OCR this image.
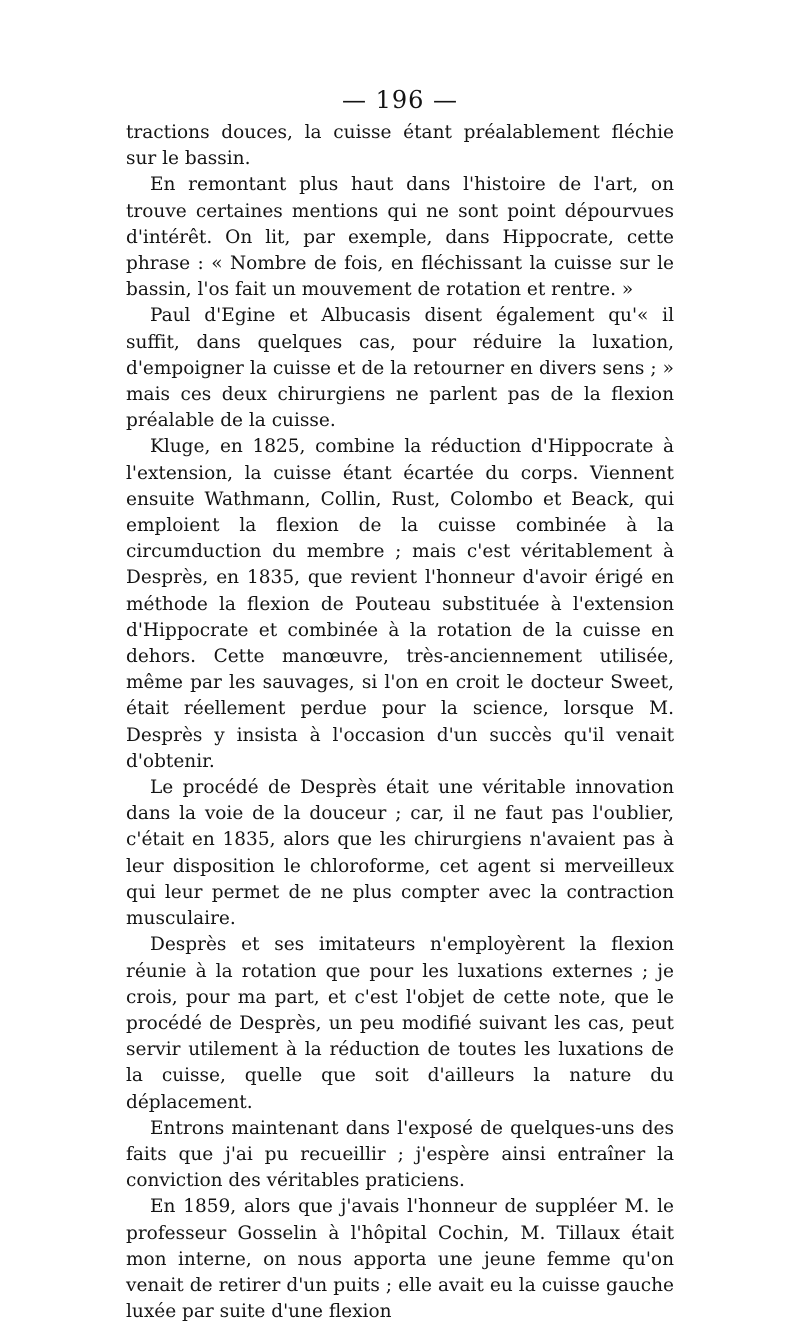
— 196 —

tractions douces, la cuisse étant préalablement fléchie sur le bassin.

En remontant plus haut dans l'histoire de l'art, on trouve certaines mentions qui ne sont point dépourvues d'intérêt. On lit, par exemple, dans Hippocrate, cette phrase : « Nombre de fois, en fléchissant la cuisse sur le bassin, l'os fait un mouvement de rotation et rentre. »

Paul d'Egine et Albucasis disent également qu'« il suffit, dans quelques cas, pour réduire la luxation, d'empoigner la cuisse et de la retourner en divers sens ; » mais ces deux chirurgiens ne parlent pas de la flexion préalable de la cuisse.

Kluge, en 1825, combine la réduction d'Hippocrate à l'extension, la cuisse étant écartée du corps. Viennent ensuite Wathmann, Collin, Rust, Colombo et Beack, qui emploient la flexion de la cuisse combinée à la circumduction du membre ; mais c'est véritablement à Desprès, en 1835, que revient l'honneur d'avoir érigé en méthode la flexion de Pouteau substituée à l'extension d'Hippocrate et combinée à la rotation de la cuisse en dehors. Cette manœuvre, très-anciennement utilisée, même par les sauvages, si l'on en croit le docteur Sweet, était réellement perdue pour la science, lorsque M. Desprès y insista à l'occasion d'un succès qu'il venait d'obtenir.

Le procédé de Desprès était une véritable innovation dans la voie de la douceur ; car, il ne faut pas l'oublier, c'était en 1835, alors que les chirurgiens n'avaient pas à leur disposition le chloroforme, cet agent si merveilleux qui leur permet de ne plus compter avec la contraction musculaire.

Desprès et ses imitateurs n'employèrent la flexion réunie à la rotation que pour les luxations externes ; je crois, pour ma part, et c'est l'objet de cette note, que le procédé de Desprès, un peu modifié suivant les cas, peut servir utilement à la réduction de toutes les luxations de la cuisse, quelle que soit d'ailleurs la nature du déplacement.

Entrons maintenant dans l'exposé de quelques-uns des faits que j'ai pu recueillir ; j'espère ainsi entraîner la conviction des véritables praticiens.

En 1859, alors que j'avais l'honneur de suppléer M. le professeur Gosselin à l'hôpital Cochin, M. Tillaux était mon interne, on nous apporta une jeune femme qu'on venait de retirer d'un puits ; elle avait eu la cuisse gauche luxée par suite d'une flexion
